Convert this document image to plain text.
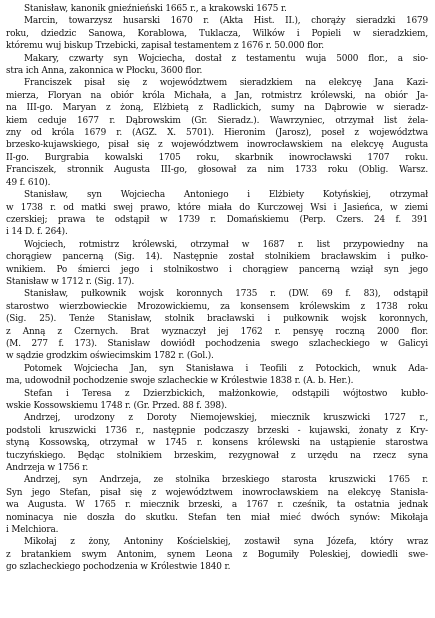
Stanisław, kanonik gnieźnieński 1665 r., a krakowski 1675 r.
Marcin, towarzysz husarski 1670 r. (Akta Hist. II.), chorąży sieradzki 1679
roku, dziedzic Sanowa, Korablowa, Tuklacza, Wilków i Popieli w sieradzkiem,
któremu wuj biskup Trzebicki, zapisał testamentem z 1676 r. 50.000 flor.
Makary, czwarty syn Wojciecha, dostał z testamentu wuja 5000 flor., a sio-
stra ich Anna, zakonnica w Płocku, 3600 flor.
Franciszek pisał się z województwem sieradzkiem na elekcyę Jana Kazi-
mierza, Floryan na obiór króla Michała, a Jan, rotmistrz królewski, na obiór Ja-
na III-go. Maryan z żoną, Elżbietą z Radlickich, sumy na Dąbrowie w sieradz-
kiem ceduje 1677 r. Dąbrowskim (Gr. Sieradz.). Wawrzyniec, otrzymał list żela-
zny od króla 1679 r. (AGZ. X. 5701). Hieronim (Jarosz), poseł z województwa
brzesko-kujawskiego, pisał się z województwem inowrocławskiem na elekcyę Augusta
II-go. Burgrabia kowalski 1705 roku, skarbnik inowrocławski 1707 roku.
Franciszek, stronnik Augusta III-go, głosował za nim 1733 roku (Oblig. Warsz.
49 f. 610).
Stanisław, syn Wojciecha Antoniego i Elżbiety Kotyńskiej, otrzymał
w 1738 r. od matki swej prawo, które miała do Kurczowej Wsi i Jasieńca, w ziemi
czerskiej; prawa te odstąpił w 1739 r. Domańskiemu (Perp. Czers. 24 f. 391
i 14 D. f. 264).
Wojciech, rotmistrz królewski, otrzymał w 1687 r. list przypowiedny na
chorągiew pancerną (Sig. 14). Następnie został stolnikiem bracławskim i pułko-
wnikiem. Po śmierci jego i stolnikostwo i chorągiew pancerną wziął syn jego
Stanisław w 1712 r. (Sig. 17).
Stanisław, pułkownik wojsk koronnych 1735 r. (DW. 69 f. 83), odstąpił
starostwo wierzbowieckie Mrozowickiemu, za konsensem królewskim z 1738 roku
(Sig. 25). Tenże Stanisław, stolnik bracławski i pułkownik wojsk koronnych,
z Anną z Czernych. Brat wyznaczył jej 1762 r. pensyę roczną 2000 flor.
(M. 277 f. 173). Stanisław dowiódł pochodzenia swego szlacheckiego w Galicyi
w sądzie grodzkim oświecimskim 1782 r. (Gol.).
Potomek Wojciecha Jan, syn Stanisława i Teofili z Potockich, wnuk Ada-
ma, udowodnił pochodzenie swoje szlacheckie w Królestwie 1838 r. (A. b. Her.).
Stefan i Teresa z Dzierzbickich, małżonkowie, odstąpili wójtostwo kubło-
wskie Kossowskiemu 1748 r. (Gr. Przed. 88 f. 398).
Andrzej, urodzony z Doroty Niemojewskiej, miecznik kruszwicki 1727 r.,
podstoli kruszwicki 1736 r., następnie podczaszy brzeski - kujawski, żonaty z Kry-
styną Kossowską, otrzymał w 1745 r. konsens królewski na ustąpienie starostwa
tuczyńskiego. Będąc stolnikiem brzeskim, rezygnował z urzędu na rzecz syna
Andrzeja w 1756 r.
Andrzej, syn Andrzeja, ze stolnika brzeskiego starosta kruszwicki 1765 r.
Syn jego Stefan, pisał się z województwem inowrocławskiem na elekcyę Stanisła-
wa Augusta. W 1765 r. miecznik brzeski, a 1767 r. cześnik, ta ostatnia jednak
nominacya nie doszła do skutku. Stefan ten miał mieć dwóch synów: Mikołaja
i Melchiora.
Mikołaj z żony, Antoniny Kościelskiej, zostawił syna Józefa, który wraz
z bratankiem swym Antonim, synem Leona z Bogumiły Poleskiej, dowiedli swe-
go szlacheckiego pochodzenia w Królestwie 1840 r.
